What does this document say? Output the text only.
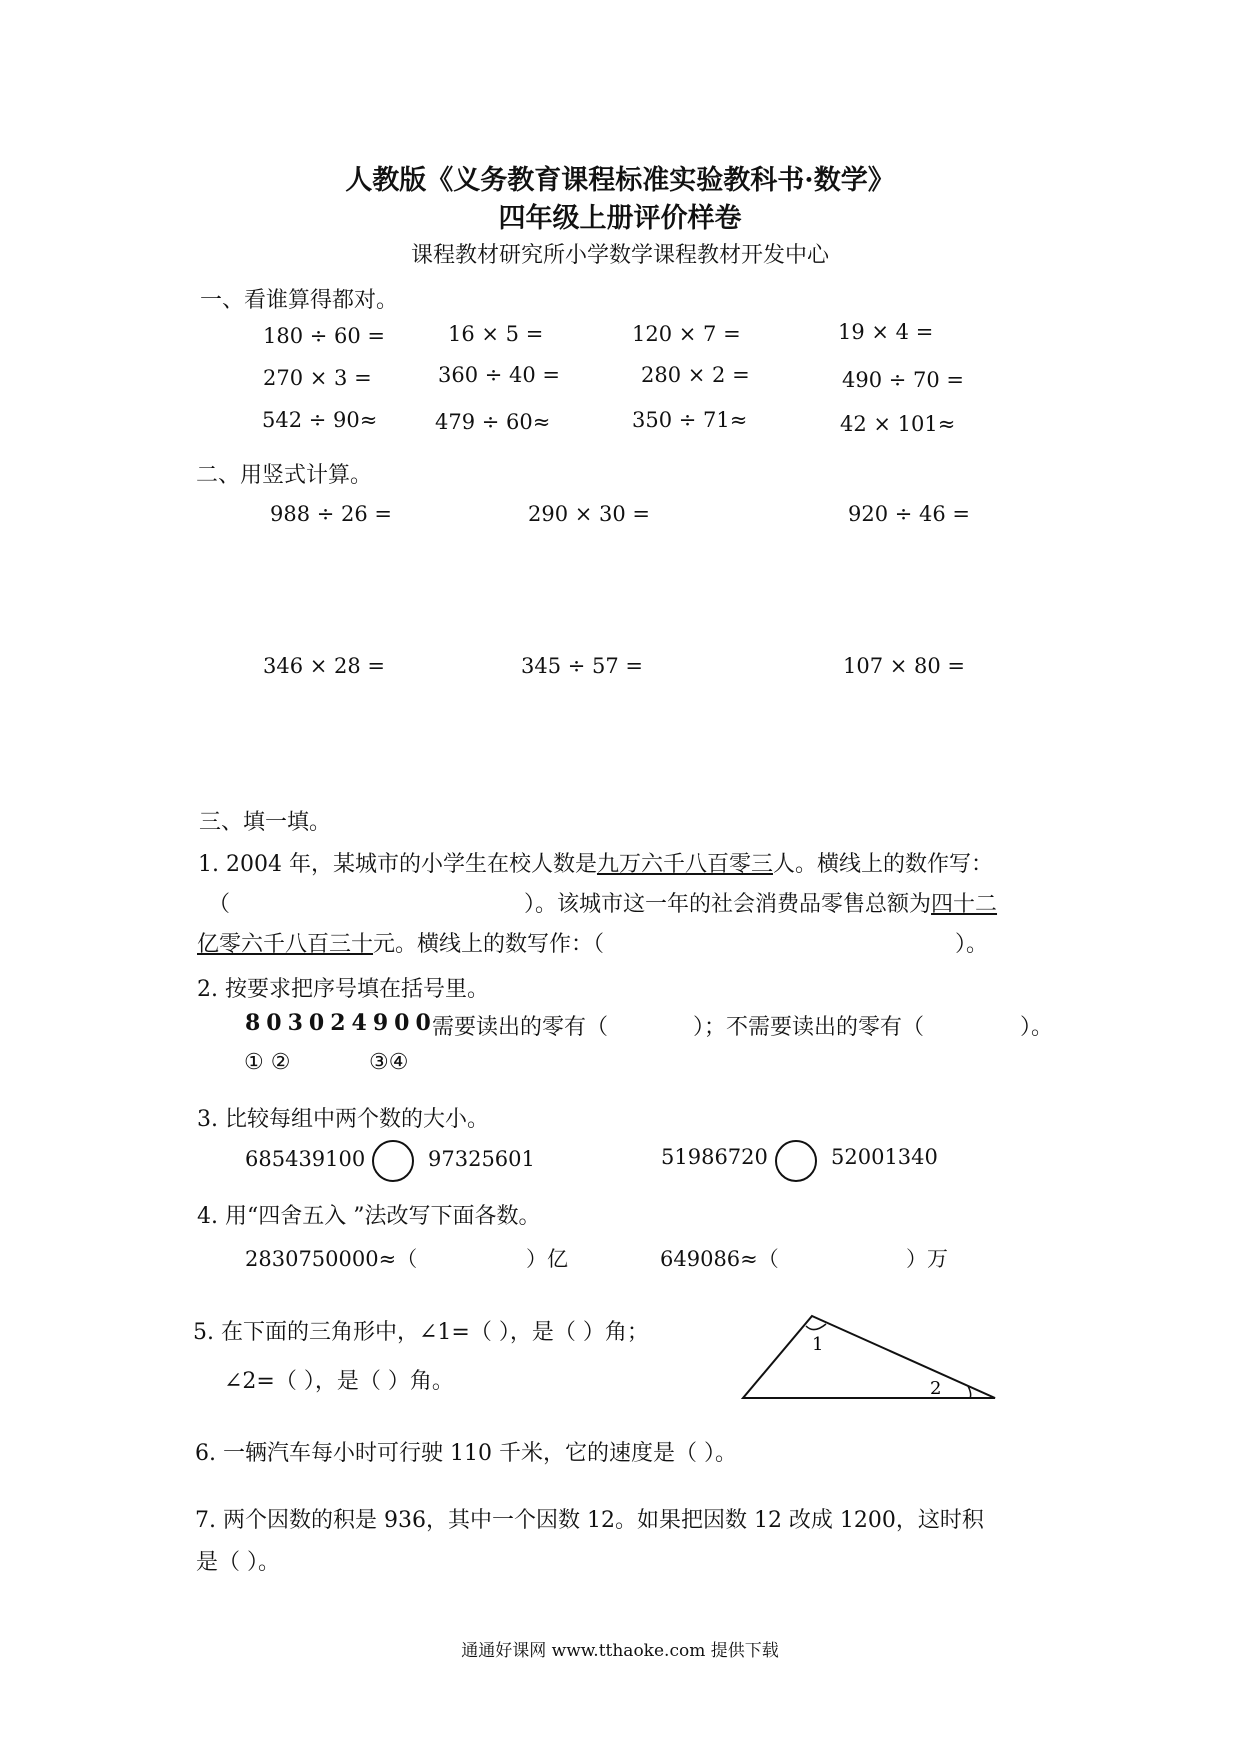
人教版《义务教育课程标准实验教科书·数学》
四年级上册评价样卷
课程教材研究所小学数学课程教材开发中心
一、看谁算得都对。
180 ÷ 60 =	16 × 5 =	120 × 7 =	19 × 4 =
270 × 3 =	360 ÷ 40 =	280 × 2 =	490 ÷ 70 =
542 ÷ 90≈	479 ÷ 60≈	350 ÷ 71≈	42 × 101≈
二、用竖式计算。
988 ÷ 26 =	290 × 30 =	920 ÷ 46 =
346 × 28 =	345 ÷ 57 =	107 × 80 =
三、填一填。
1. 2004 年，某城市的小学生在校人数是九万六千八百零三人。横线上的数作写：
（	）。该城市这一年的社会消费品零售总额为四十二
亿零六千八百三十元。横线上的数写作：（	）。
2. 按要求把序号填在括号里。
803024900
需要读出的零有（	）；不需要读出的零有（	）。
① ②	③④
3. 比较每组中两个数的大小。
685439100	97325601	51986720	52001340
4. 用“四舍五入 ”法改写下面各数。
2830750000≈（	）亿	649086≈（	）万
5. 在下面的三角形中，∠1=（ ），是（ ）角；
∠2=（ ），是（ ）角。
1
2
6. 一辆汽车每小时可行驶 110 千米，它的速度是（ ）。
7. 两个因数的积是 936，其中一个因数 12。如果把因数 12 改成 1200，这时积
是（ ）。
通通好课网 www.tthaoke.com 提供下载
